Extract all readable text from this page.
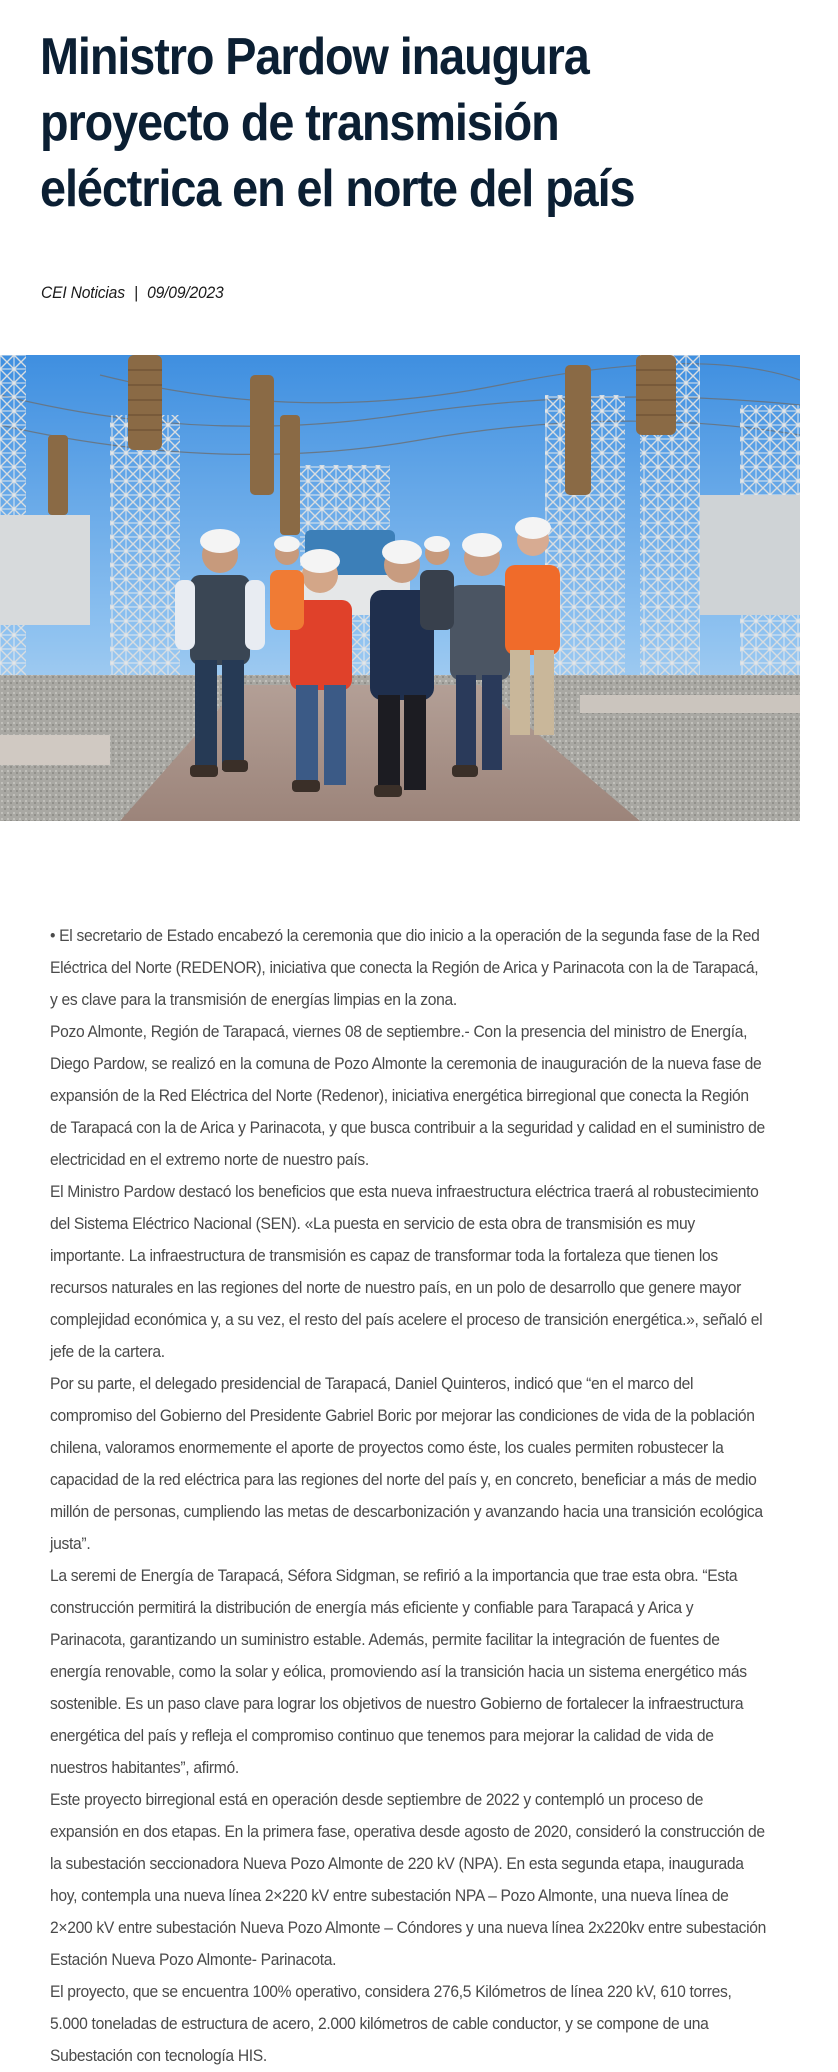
Ministro Pardow inaugura proyecto de transmisión eléctrica en el norte del país
CEI Noticias | 09/09/2023

• El secretario de Estado encabezó la ceremonia que dio inicio a la operación de la segunda fase de la Red Eléctrica del Norte (REDENOR), iniciativa que conecta la Región de Arica y Parinacota con la de Tarapacá, y es clave para la transmisión de energías limpias en la zona.

Pozo Almonte, Región de Tarapacá, viernes 08 de septiembre.- Con la presencia del ministro de Energía, Diego Pardow, se realizó en la comuna de Pozo Almonte la ceremonia de inauguración de la nueva fase de expansión de la Red Eléctrica del Norte (Redenor), iniciativa energética birregional que conecta la Región de Tarapacá con la de Arica y Parinacota, y que busca contribuir a la seguridad y calidad en el suministro de electricidad en el extremo norte de nuestro país.

El Ministro Pardow destacó los beneficios que esta nueva infraestructura eléctrica traerá al robustecimiento del Sistema Eléctrico Nacional (SEN). «La puesta en servicio de esta obra de transmisión es muy importante. La infraestructura de transmisión es capaz de transformar toda la fortaleza que tienen los recursos naturales en las regiones del norte de nuestro país, en un polo de desarrollo que genere mayor complejidad económica y, a su vez, el resto del país acelere el proceso de transición energética.», señaló el jefe de la cartera.

Por su parte, el delegado presidencial de Tarapacá, Daniel Quinteros, indicó que “en el marco del compromiso del Gobierno del Presidente Gabriel Boric por mejorar las condiciones de vida de la población chilena, valoramos enormemente el aporte de proyectos como éste, los cuales permiten robustecer la capacidad de la red eléctrica para las regiones del norte del país y, en concreto, beneficiar a más de medio millón de personas, cumpliendo las metas de descarbonización y avanzando hacia una transición ecológica justa”.

La seremi de Energía de Tarapacá, Séfora Sidgman, se refirió a la importancia que trae esta obra. “Esta construcción permitirá la distribución de energía más eficiente y confiable para Tarapacá y Arica y Parinacota, garantizando un suministro estable. Además, permite facilitar la integración de fuentes de energía renovable, como la solar y eólica, promoviendo así la transición hacia un sistema energético más sostenible. Es un paso clave para lograr los objetivos de nuestro Gobierno de fortalecer la infraestructura energética del país y refleja el compromiso continuo que tenemos para mejorar la calidad de vida de nuestros habitantes”, afirmó.

Este proyecto birregional está en operación desde septiembre de 2022 y contempló un proceso de expansión en dos etapas. En la primera fase, operativa desde agosto de 2020, consideró la construcción de la subestación seccionadora Nueva Pozo Almonte de 220 kV (NPA). En esta segunda etapa, inaugurada hoy, contempla una nueva línea 2×220 kV entre subestación NPA – Pozo Almonte, una nueva línea de 2×200 kV entre subestación Nueva Pozo Almonte – Cóndores y una nueva línea 2x220kv entre subestación Estación Nueva Pozo Almonte- Parinacota.

El proyecto, que se encuentra 100% operativo, considera 276,5 Kilómetros de línea 220 kV, 610 torres, 5.000 toneladas de estructura de acero, 2.000 kilómetros de cable conductor, y se compone de una Subestación con tecnología HIS.
